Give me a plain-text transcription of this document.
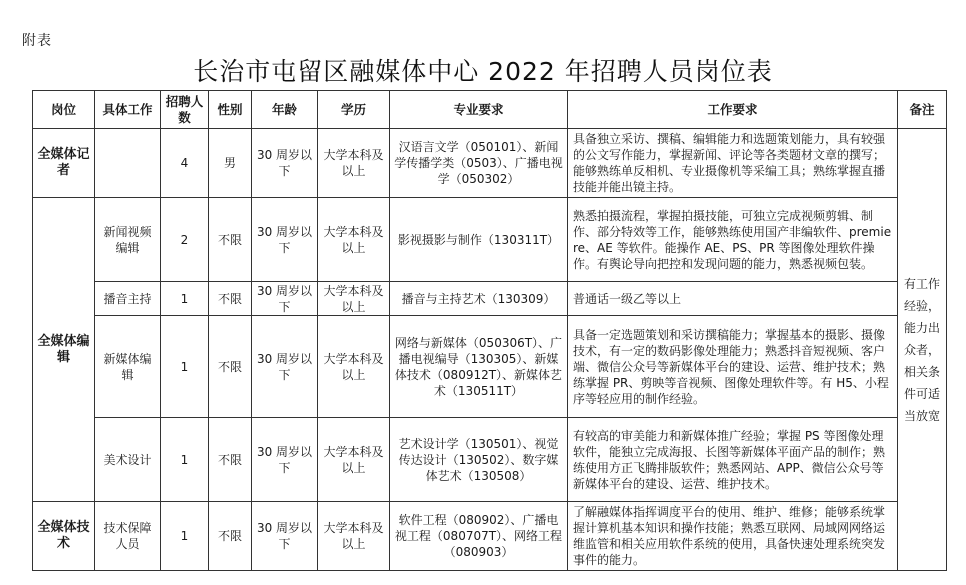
附表
长治市屯留区融媒体中心 2022 年招聘人员岗位表
岗位	具体工作	招聘人数	性别	年龄	学历	专业要求	工作要求	备注
全媒体记者		4	男	30 周岁以下	大学本科及以上	汉语言文学（050101）、新闻学传播学类（0503）、广播电视学（050302）	具备独立采访、撰稿、编辑能力和选题策划能力，具有较强的公文写作能力，掌握新闻、评论等各类题材文章的撰写；能够熟练单反相机、专业摄像机等采编工具；熟练掌握直播技能并能出镜主持。	有工作经验，能力出众者，相关条件可适当放宽
全媒体编辑	新闻视频编辑	2	不限	30 周岁以下	大学本科及以上	影视摄影与制作（130311T）	熟悉拍摄流程，掌握拍摄技能，可独立完成视频剪辑、制作、部分特效等工作，能够熟练使用国产非编软件、premiere、AE 等软件。能操作 AE、PS、PR 等图像处理软件操作。有舆论导向把控和发现问题的能力，熟悉视频包装。	
	播音主持	1	不限	30 周岁以下	大学本科及以上	播音与主持艺术（130309）	普通话一级乙等以上	
	新媒体编辑	1	不限	30 周岁以下	大学本科及以上	网络与新媒体（050306T）、广播电视编导（130305）、新媒体技术（080912T）、新媒体艺术（130511T）	具备一定选题策划和采访撰稿能力；掌握基本的摄影、摄像技术，有一定的数码影像处理能力；熟悉抖音短视频、客户端、微信公众号等新媒体平台的建设、运营、维护技术；熟练掌握 PR、剪映等音视频、图像处理软件等。有 H5、小程序等轻应用的制作经验。	
	美术设计	1	不限	30 周岁以下	大学本科及以上	艺术设计学（130501）、视觉传达设计（130502）、数字媒体艺术（130508）	有较高的审美能力和新媒体推广经验；掌握 PS 等图像处理软件，能独立完成海报、长图等新媒体平面产品的制作；熟练使用方正飞腾排版软件；熟悉网站、APP、微信公众号等新媒体平台的建设、运营、维护技术。	
全媒体技术	技术保障人员	1	不限	30 周岁以下	大学本科及以上	软件工程（080902）、广播电视工程（080707T）、网络工程（080903）	了解融媒体指挥调度平台的使用、维护、维修；能够系统掌握计算机基本知识和操作技能；熟悉互联网、局域网网络运维监管和相关应用软件系统的使用，具备快速处理系统突发事件的能力。	
